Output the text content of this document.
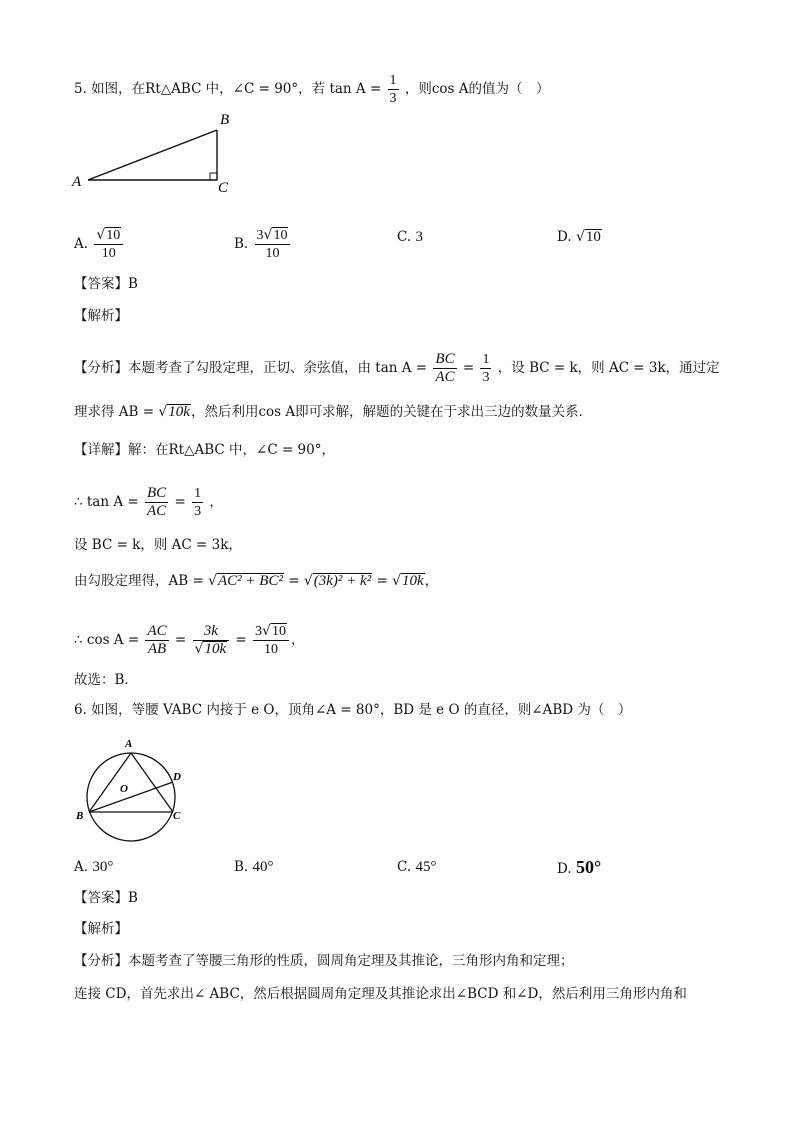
5. 如图，在Rt△ABC 中，∠C = 90°，若 $\tan A = \frac{1}{3}$ ，则cos A的值为（　）
A
B
C
A. $\frac{√10}{10}$	B. $\frac{3√10}{10}$	C. 3	D. √10
【答案】B
【解析】
【分析】本题考查了勾股定理，正切、余弦值，由 $\tan A = \frac{BC}{AC} = \frac{1}{3}$ ，设 BC = k，则 AC = 3k，通过定
理求得 AB = √10k，然后利用cos A即可求解，解题的关键在于求出三边的数量关系．
【详解】解：在Rt△ABC 中，∠C = 90°，
∴ $\tan A = \frac{BC}{AC} = \frac{1}{3}$ ，
设 BC = k，则 AC = 3k，
由勾股定理得，AB = √AC² + BC² = √(3k)² + k² = √10k，
∴ $\cos A = \frac{AC}{AB} = \frac{3k}{√10k} = \frac{3√10}{10}$ ，
故选：B．
6. 如图，等腰 VABC 内接于 e O，顶角∠A = 80°，BD 是 e O 的直径，则∠ABD 为（　）
A
B	C
D
O
A. 30°	B. 40°	C. 45°	D. 50°
【答案】B
【解析】
【分析】本题考查了等腰三角形的性质，圆周角定理及其推论，三角形内角和定理；
连接 CD，首先求出∠ ABC，然后根据圆周角定理及其推论求出∠BCD 和∠D，然后利用三角形内角和
